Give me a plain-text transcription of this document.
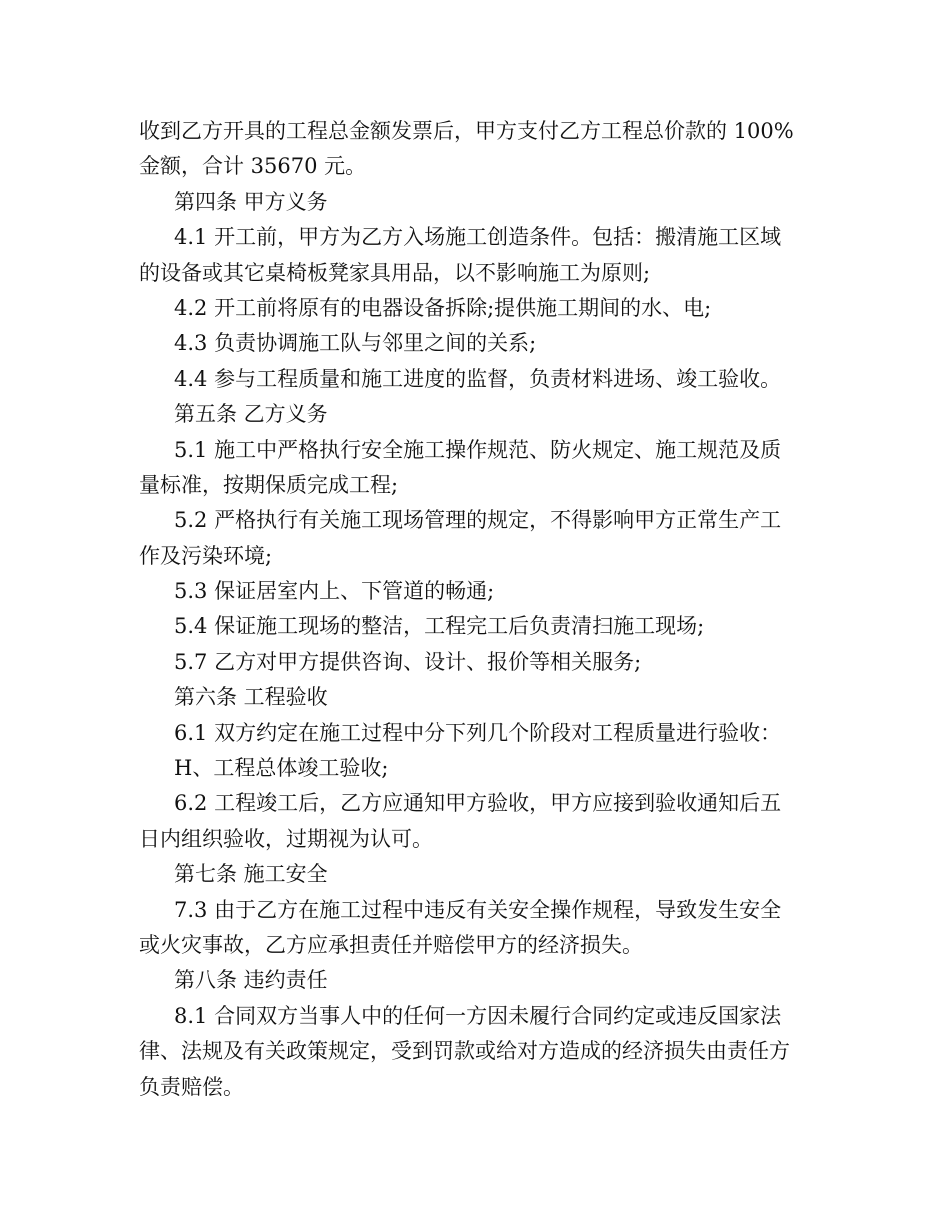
收到乙方开具的工程总金额发票后，甲方支付乙方工程总价款的 100%
金额，合计 35670 元。
第四条 甲方义务
4.1 开工前，甲方为乙方入场施工创造条件。包括：搬清施工区域
的设备或其它桌椅板凳家具用品，以不影响施工为原则;
4.2 开工前将原有的电器设备拆除;提供施工期间的水、电;
4.3 负责协调施工队与邻里之间的关系;
4.4 参与工程质量和施工进度的监督，负责材料进场、竣工验收。
第五条 乙方义务
5.1 施工中严格执行安全施工操作规范、防火规定、施工规范及质
量标准，按期保质完成工程;
5.2 严格执行有关施工现场管理的规定，不得影响甲方正常生产工
作及污染环境;
5.3 保证居室内上、下管道的畅通;
5.4 保证施工现场的整洁，工程完工后负责清扫施工现场;
5.7 乙方对甲方提供咨询、设计、报价等相关服务;
第六条 工程验收
6.1 双方约定在施工过程中分下列几个阶段对工程质量进行验收：
H、工程总体竣工验收;
6.2 工程竣工后，乙方应通知甲方验收，甲方应接到验收通知后五
日内组织验收，过期视为认可。
第七条 施工安全
7.3 由于乙方在施工过程中违反有关安全操作规程，导致发生安全
或火灾事故，乙方应承担责任并赔偿甲方的经济损失。
第八条 违约责任
8.1 合同双方当事人中的任何一方因未履行合同约定或违反国家法
律、法规及有关政策规定，受到罚款或给对方造成的经济损失由责任方
负责赔偿。
